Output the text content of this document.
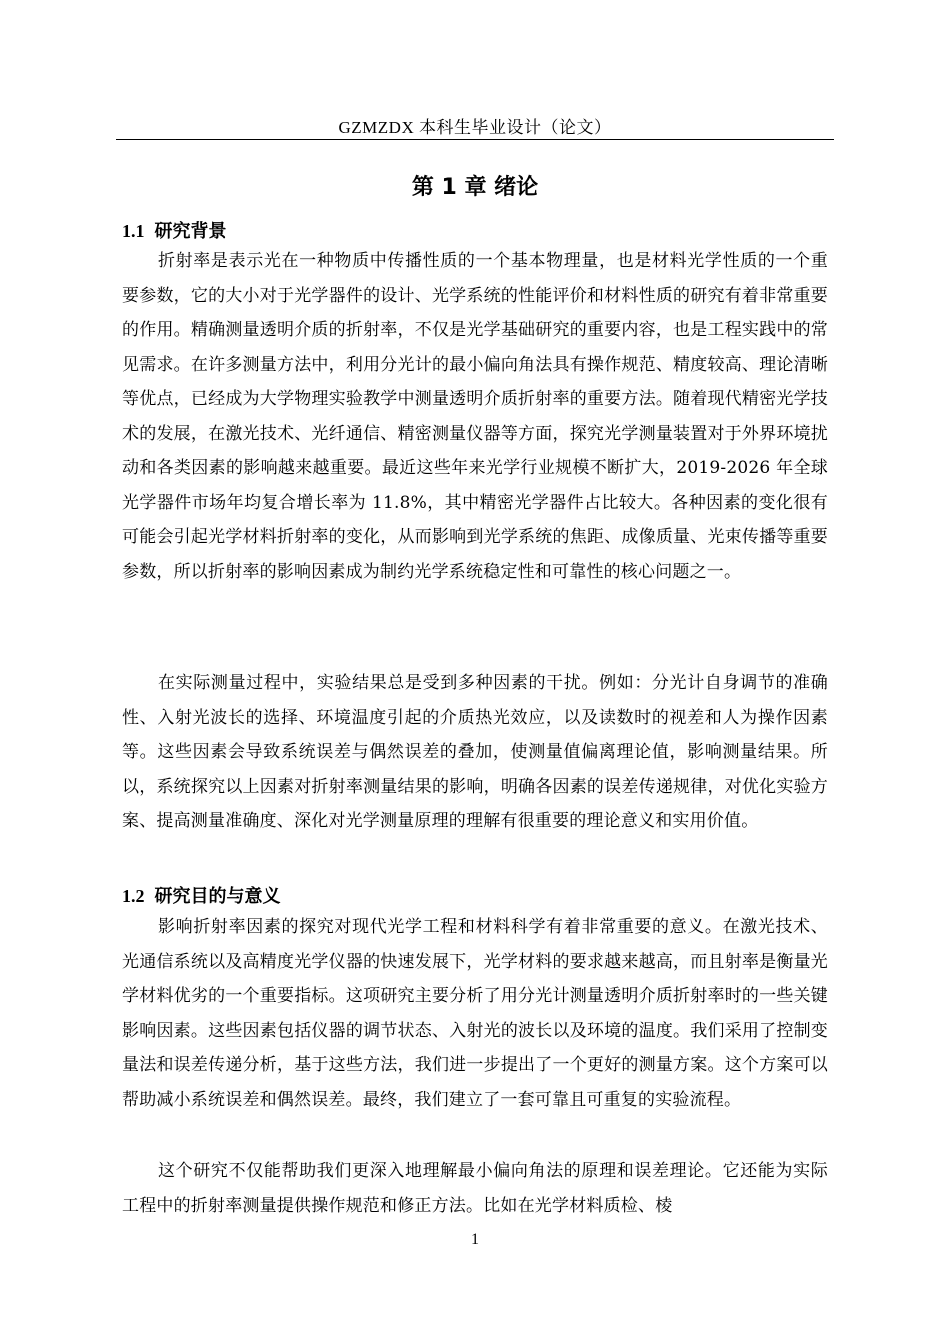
GZMZDX 本科生毕业设计（论文）
第 1 章 绪论
1.1 研究背景

折射率是表示光在一种物质中传播性质的一个基本物理量，也是材料光学性质的一个重要参数，它的大小对于光学器件的设计、光学系统的性能评价和材料性质的研究有着非常重要的作用。精确测量透明介质的折射率，不仅是光学基础研究的重要内容，也是工程实践中的常见需求。在许多测量方法中，利用分光计的最小偏向角法具有操作规范、精度较高、理论清晰等优点，已经成为大学物理实验教学中测量透明介质折射率的重要方法。随着现代精密光学技术的发展，在激光技术、光纤通信、精密测量仪器等方面，探究光学测量装置对于外界环境扰动和各类因素的影响越来越重要。最近这些年来光学行业规模不断扩大，2019-2026 年全球光学器件市场年均复合增长率为 11.8%，其中精密光学器件占比较大。各种因素的变化很有可能会引起光学材料折射率的变化，从而影响到光学系统的焦距、成像质量、光束传播等重要参数，所以折射率的影响因素成为制约光学系统稳定性和可靠性的核心问题之一。

在实际测量过程中，实验结果总是受到多种因素的干扰。例如：分光计自身调节的准确性、入射光波长的选择、环境温度引起的介质热光效应，以及读数时的视差和人为操作因素等。这些因素会导致系统误差与偶然误差的叠加，使测量值偏离理论值，影响测量结果。所以，系统探究以上因素对折射率测量结果的影响，明确各因素的误差传递规律，对优化实验方案、提高测量准确度、深化对光学测量原理的理解有很重要的理论意义和实用价值。

1.2 研究目的与意义

影响折射率因素的探究对现代光学工程和材料科学有着非常重要的意义。在激光技术、光通信系统以及高精度光学仪器的快速发展下，光学材料的要求越来越高，而且射率是衡量光学材料优劣的一个重要指标。这项研究主要分析了用分光计测量透明介质折射率时的一些关键影响因素。这些因素包括仪器的调节状态、入射光的波长以及环境的温度。我们采用了控制变量法和误差传递分析，基于这些方法，我们进一步提出了一个更好的测量方案。这个方案可以帮助减小系统误差和偶然误差。最终，我们建立了一套可靠且可重复的实验流程。

这个研究不仅能帮助我们更深入地理解最小偏向角法的原理和误差理论。它还能为实际工程中的折射率测量提供操作规范和修正方法。比如在光学材料质检、棱

1
